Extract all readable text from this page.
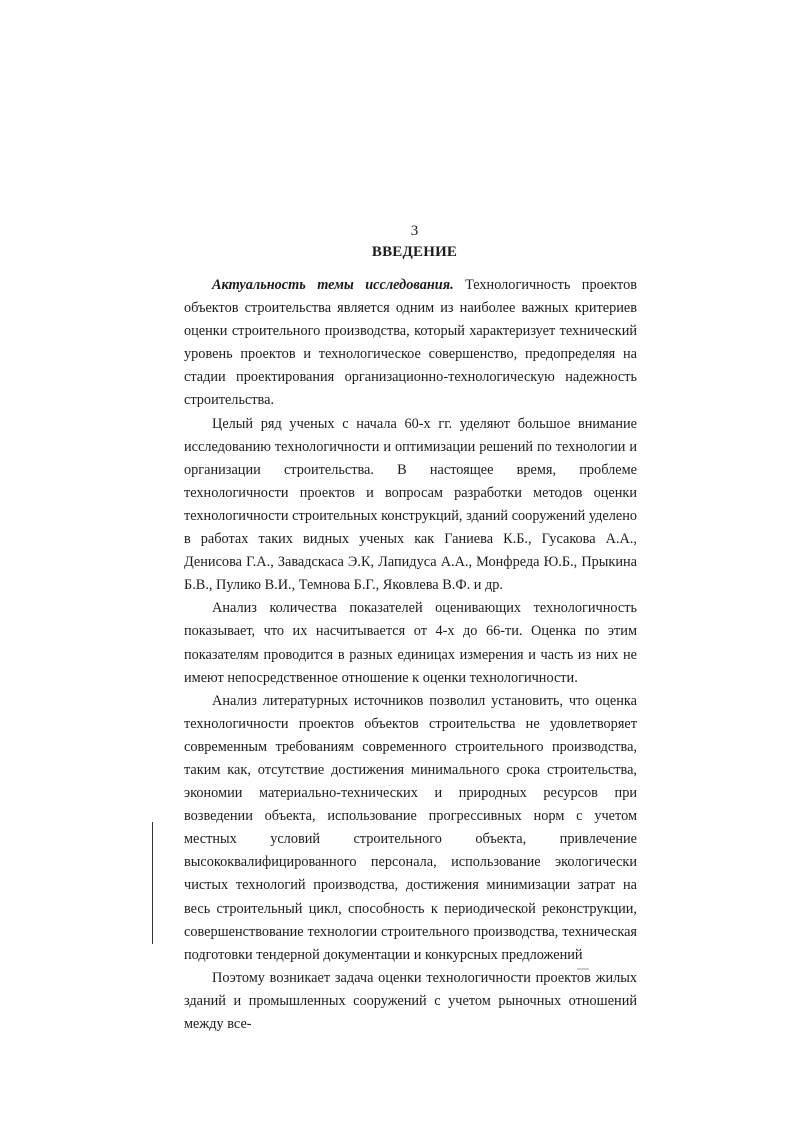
3
ВВЕДЕНИЕ

Актуальность темы исследования. Технологичность проектов объектов строительства является одним из наиболее важных критериев оценки строительного производства, который характеризует технический уровень проектов и технологическое совершенство, предопределяя на стадии проектирования организационно-технологическую надежность строительства.

Целый ряд ученых с начала 60-х гг. уделяют большое внимание исследованию технологичности и оптимизации решений по технологии и организации строительства. В настоящее время, проблеме технологичности проектов и вопросам разработки методов оценки технологичности строительных конструкций, зданий сооружений уделено в работах таких видных ученых как Ганиева К.Б., Гусакова А.А., Денисова Г.А., Завадскаса Э.К, Лапидуса А.А., Монфреда Ю.Б., Прыкина Б.В., Пулико В.И., Темнова Б.Г., Яковлева В.Ф. и др.

Анализ количества показателей оценивающих технологичность показывает, что их насчитывается от 4-х до 66-ти. Оценка по этим показателям проводится в разных единицах измерения и часть из них не имеют непосредственное отношение к оценки технологичности.

Анализ литературных источников позволил установить, что оценка технологичности проектов объектов строительства не удовлетворяет современным требованиям современного строительного производства, таким как, отсутствие достижения минимального срока строительства, экономии материально-технических и природных ресурсов при возведении объекта, использование прогрессивных норм с учетом местных условий строительного объекта, привлечение высококвалифицированного персонала, использование экологически чистых технологий производства, достижения минимизации затрат на весь строительный цикл, способность к периодической реконструкции, совершенствование технологии строительного производства, техническая подготовки тендерной документации и конкурсных предложений

Поэтому возникает задача оценки технологичности проектов жилых зданий и промышленных сооружений с учетом рыночных отношений между все-
